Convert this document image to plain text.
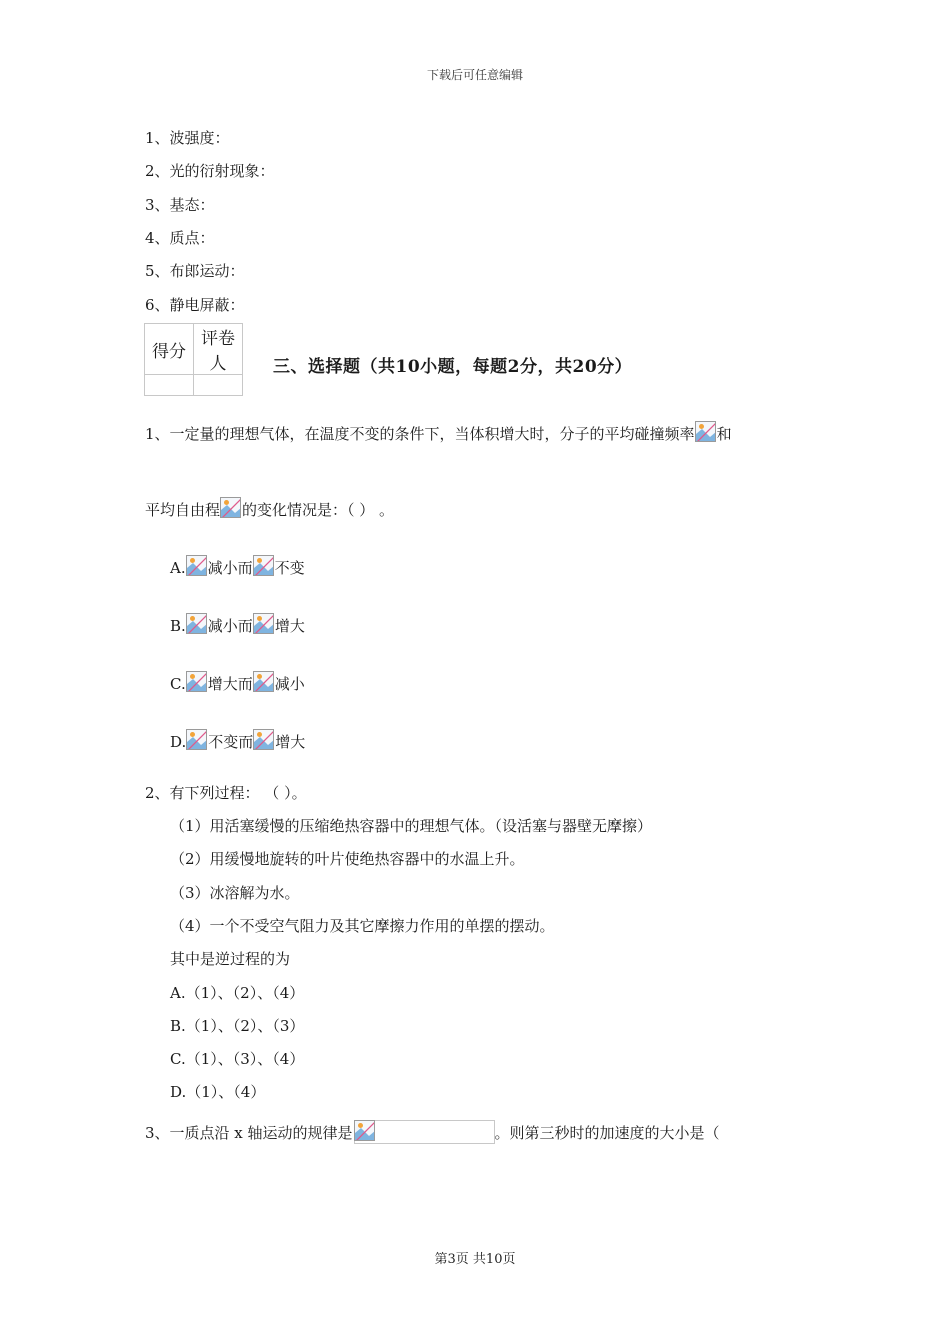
下载后可任意编辑
1、波强度：
2、光的衍射现象：
3、基态：
4、质点：
5、布郎运动：
6、静电屏蔽：
得分	评卷人
		三、选择题（共10小题，每题2分，共20分）
1、一定量的理想气体，在温度不变的条件下，当体积增大时，分子的平均碰撞频率 和
平均自由程 的变化情况是：（ ） 。
A. 减小而 不变
B. 减小而 增大
C. 增大而 减小
D. 不变而 增大
2、有下列过程： （ ）。
（1）用活塞缓慢的压缩绝热容器中的理想气体。（设活塞与器壁无摩擦）
（2）用缓慢地旋转的叶片使绝热容器中的水温上升。
（3）冰溶解为水。
（4）一个不受空气阻力及其它摩擦力作用的单摆的摆动。
其中是逆过程的为
A.（1）、（2）、（4）
B.（1）、（2）、（3）
C.（1）、（3）、（4）
D.（1）、（4）
3、一质点沿 x 轴运动的规律是	。则第三秒时的加速度的大小是（
第3页 共10页
